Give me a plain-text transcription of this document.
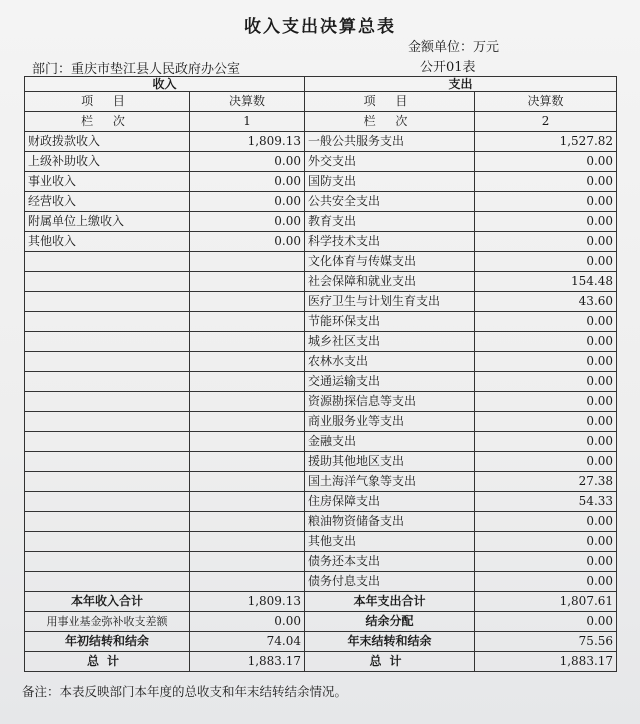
收入支出决算总表
金额单位：万元
部门：重庆市垫江县人民政府办公室	公开01表
收入		支出	
项 目	决算数	项 目	决算数
栏 次	1	栏 次	2
财政拨款收入	1,809.13	一般公共服务支出	1,527.82
上级补助收入	0.00	外交支出	0.00
事业收入	0.00	国防支出	0.00
经营收入	0.00	公共安全支出	0.00
附属单位上缴收入	0.00	教育支出	0.00
其他收入	0.00	科学技术支出	0.00
		文化体育与传媒支出	0.00
		社会保障和就业支出	154.48
		医疗卫生与计划生育支出	43.60
		节能环保支出	0.00
		城乡社区支出	0.00
		农林水支出	0.00
		交通运输支出	0.00
		资源勘探信息等支出	0.00
		商业服务业等支出	0.00
		金融支出	0.00
		援助其他地区支出	0.00
		国土海洋气象等支出	27.38
		住房保障支出	54.33
		粮油物资储备支出	0.00
		其他支出	0.00
		债务还本支出	0.00
		债务付息支出	0.00
本年收入合计	1,809.13	本年支出合计	1,807.61
用事业基金弥补收支差额	0.00	结余分配	0.00
年初结转和结余	74.04	年末结转和结余	75.56
总计	1,883.17	总计	1,883.17
备注：本表反映部门本年度的总收支和年末结转结余情况。
